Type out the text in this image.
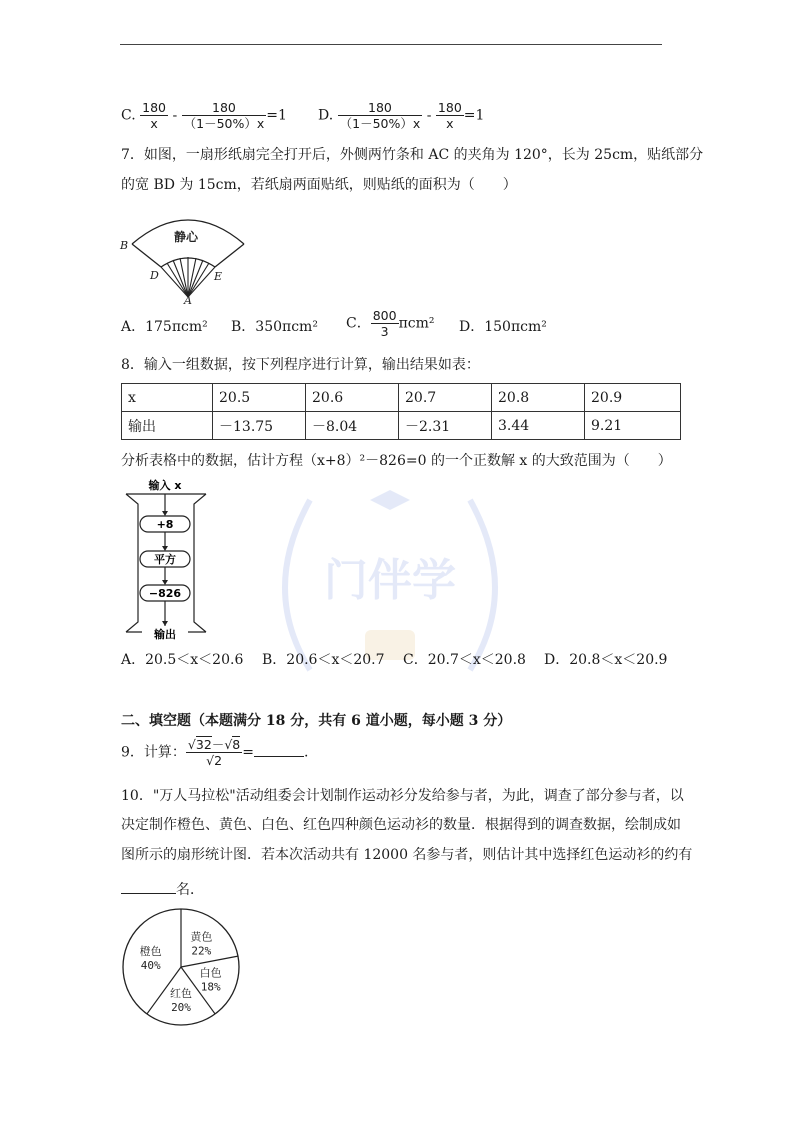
C. $\frac{180}{x} - \frac{180}{(1-50\%)x} =1$ D. $\frac{180}{(1-50\%)x} - \frac{180}{x} =1$
7．如图，一扇形纸扇完全打开后，外侧两竹条和 AC 的夹角为 120°，长为 25cm，贴纸部分
的宽 BD 为 15cm，若纸扇两面贴纸，则贴纸的面积为（　　）
静心
B
D	E
A
A．175πcm² B．350πcm² C． $\frac{800}{3} \pi cm^2$ D．150πcm²
8．输入一组数据，按下列程序进行计算，输出结果如表：
x	20.5	20.6	20.7	20.8	20.9
输出	－13.75	－8.04	－2.31	3.44	9.21
分析表格中的数据，估计方程（x+8）²－826=0 的一个正数解 x 的大致范围为（　　）
门伴学
输入 x
+8
平方
−826
输出
A．20.5＜x＜20.6 B．20.6＜x＜20.7 C．20.7＜x＜20.8 D．20.8＜x＜20.9
二、填空题（本题满分 18 分，共有 6 道小题，每小题 3 分）
9．计算： $\frac{√32-√8}{√2}$ =	.
10．"万人马拉松"活动组委会计划制作运动衫分发给参与者，为此，调查了部分参与者，以
决定制作橙色、黄色、白色、红色四种颜色运动衫的数量．根据得到的调查数据，绘制成如
图所示的扇形统计图．若本次活动共有 12000 名参与者，则估计其中选择红色运动衫的约有
名．
黄色
22%
白色
18%
红色
20%
橙色
40%
